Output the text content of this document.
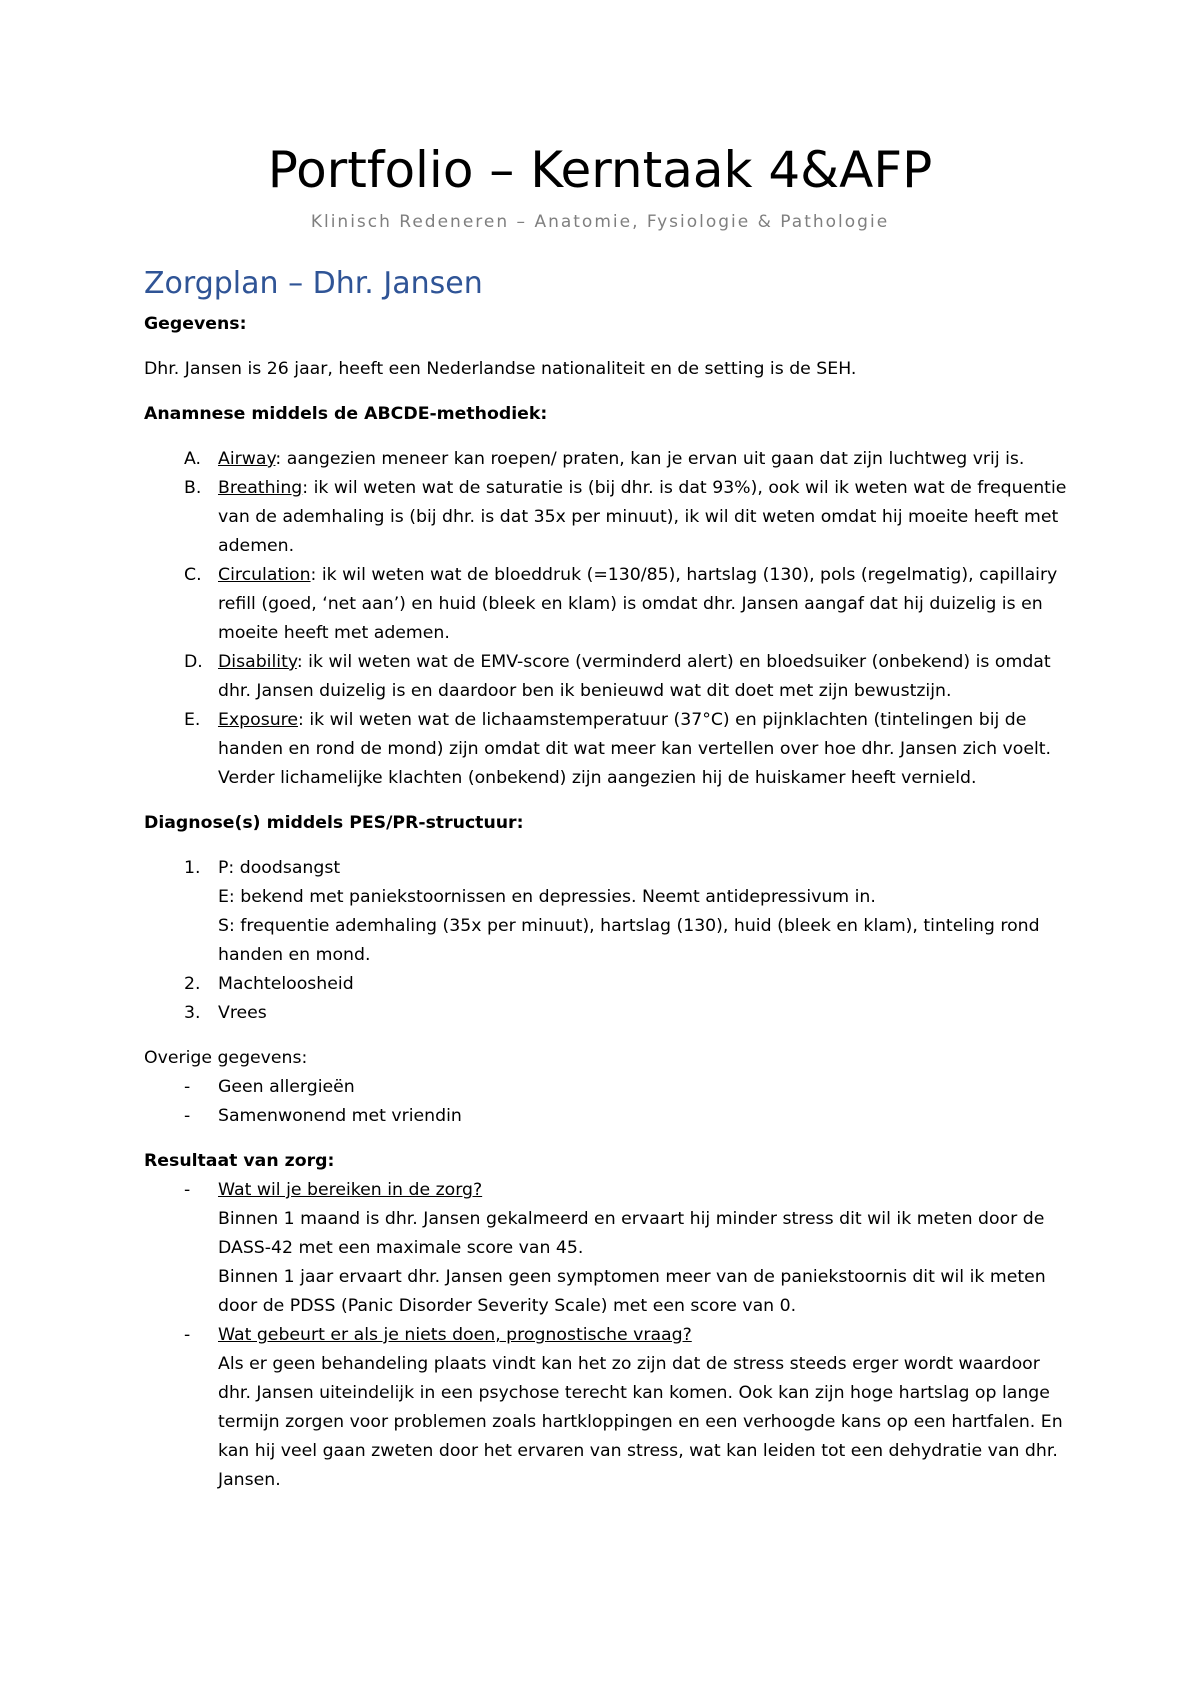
Portfolio – Kerntaak 4&AFP

Klinisch Redeneren – Anatomie, Fysiologie & Pathologie

Zorgplan – Dhr. Jansen

Gegevens:

Dhr. Jansen is 26 jaar, heeft een Nederlandse nationaliteit en de setting is de SEH.

Anamnese middels de ABCDE-methodiek:

A. Airway: aangezien meneer kan roepen/ praten, kan je ervan uit gaan dat zijn luchtweg vrij is.
B. Breathing: ik wil weten wat de saturatie is (bij dhr. is dat 93%), ook wil ik weten wat de frequentie van de ademhaling is (bij dhr. is dat 35x per minuut), ik wil dit weten omdat hij moeite heeft met ademen.
C. Circulation: ik wil weten wat de bloeddruk (=130/85), hartslag (130), pols (regelmatig), capillairy refill (goed, ‘net aan’) en huid (bleek en klam) is omdat dhr. Jansen aangaf dat hij duizelig is en moeite heeft met ademen.
D. Disability: ik wil weten wat de EMV-score (verminderd alert) en bloedsuiker (onbekend) is omdat dhr. Jansen duizelig is en daardoor ben ik benieuwd wat dit doet met zijn bewustzijn.
E. Exposure: ik wil weten wat de lichaamstemperatuur (37°C) en pijnklachten (tintelingen bij de handen en rond de mond) zijn omdat dit wat meer kan vertellen over hoe dhr. Jansen zich voelt. Verder lichamelijke klachten (onbekend) zijn aangezien hij de huiskamer heeft vernield.

Diagnose(s) middels PES/PR-structuur:

1. P: doodsangst
E: bekend met paniekstoornissen en depressies. Neemt antidepressivum in.
S: frequentie ademhaling (35x per minuut), hartslag (130), huid (bleek en klam), tinteling rond handen en mond.
2. Machteloosheid
3. Vrees

Overige gegevens:

- Geen allergieën
- Samenwonend met vriendin

Resultaat van zorg:

- Wat wil je bereiken in de zorg?
Binnen 1 maand is dhr. Jansen gekalmeerd en ervaart hij minder stress dit wil ik meten door de DASS-42 met een maximale score van 45.
Binnen 1 jaar ervaart dhr. Jansen geen symptomen meer van de paniekstoornis dit wil ik meten door de PDSS (Panic Disorder Severity Scale) met een score van 0.
- Wat gebeurt er als je niets doen, prognostische vraag?
Als er geen behandeling plaats vindt kan het zo zijn dat de stress steeds erger wordt waardoor dhr. Jansen uiteindelijk in een psychose terecht kan komen. Ook kan zijn hoge hartslag op lange termijn zorgen voor problemen zoals hartkloppingen en een verhoogde kans op een hartfalen. En kan hij veel gaan zweten door het ervaren van stress, wat kan leiden tot een dehydratie van dhr. Jansen.
